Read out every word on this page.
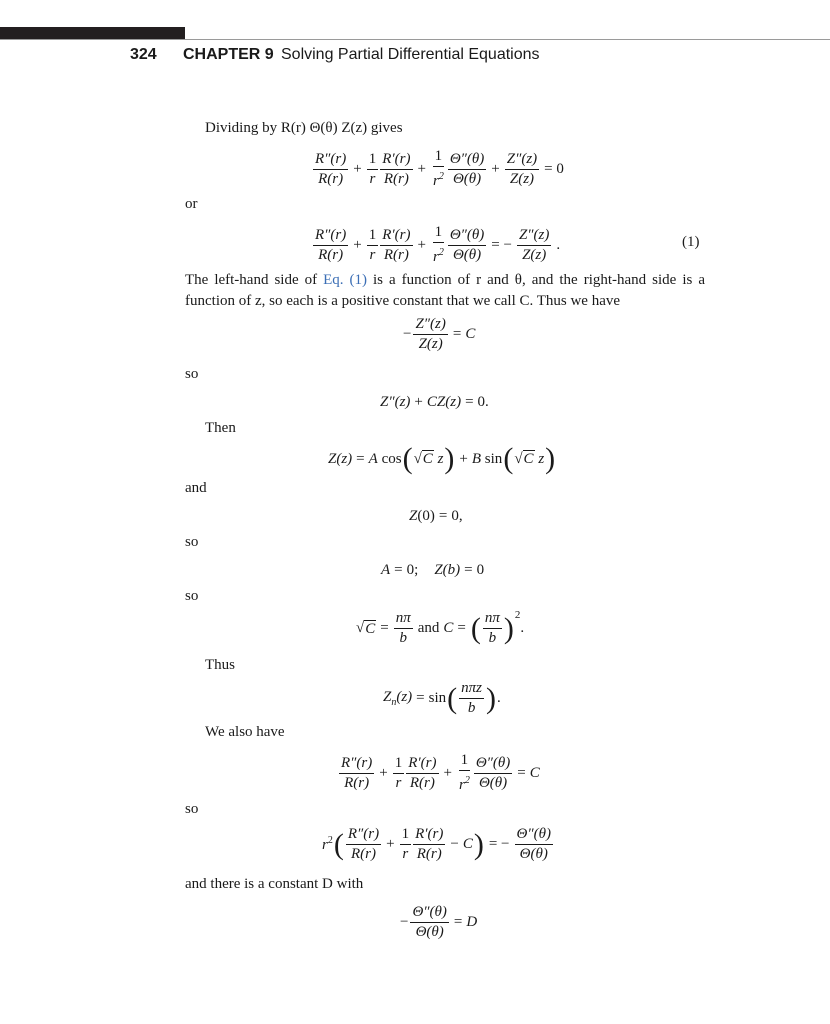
324 CHAPTER 9 Solving Partial Differential Equations
Dividing by R(r) Θ(θ) Z(z) gives
$\frac{R''(r)}{R(r)} + \frac{1}{r} \frac{R'(r)}{R(r)} + \frac{1}{r^2} \frac{\Theta''(\theta)}{\Theta(\theta)} + \frac{Z''(z)}{Z(z)} = 0$
or
$\frac{R''(r)}{R(r)} + \frac{1}{r} \frac{R'(r)}{R(r)} + \frac{1}{r^2} \frac{\Theta''(\theta)}{\Theta(\theta)}$ = − $\frac{Z''(z)}{Z(z)}$ .	(1)
The left-hand side of Eq. (1) is a function of r and θ, and the right-hand side is a function of z, so each is a positive constant that we call C. Thus we have
− $\frac{Z''(z)}{Z(z)} = C$
so
Z″(z) + CZ(z) = 0.
Then
Z(z) = A
cos ( √ C
z ) + B
sin ( √ C
z )
and
Z (0) = 0,
so
A = 0; Z(b) = 0
so
√ $C = \frac{n\pi}{b}$ and C = ( $\frac{n\pi}{b}$ ) 2
.
Thus
$Z_n(z) = \sin$ ( $\frac{\text{nπz}}{b}$ ) .
We also have
$\frac{R''(r)}{R(r)} + \frac{1}{r} \frac{R'(r)}{R(r)} + \frac{1}{r^2} \frac{\Theta''(\theta)}{\Theta(\theta)} = C$
so
$r^2$ ( $\frac{R''(r)}{R(r)} + \frac{1}{r} \frac{R'(r)}{R(r)} - C$ ) = − $\frac{\Theta''(\theta)}{\Theta(\theta)}$
and there is a constant D with
− $\frac{\Theta''(\theta)}{\Theta(\theta)} = D$
